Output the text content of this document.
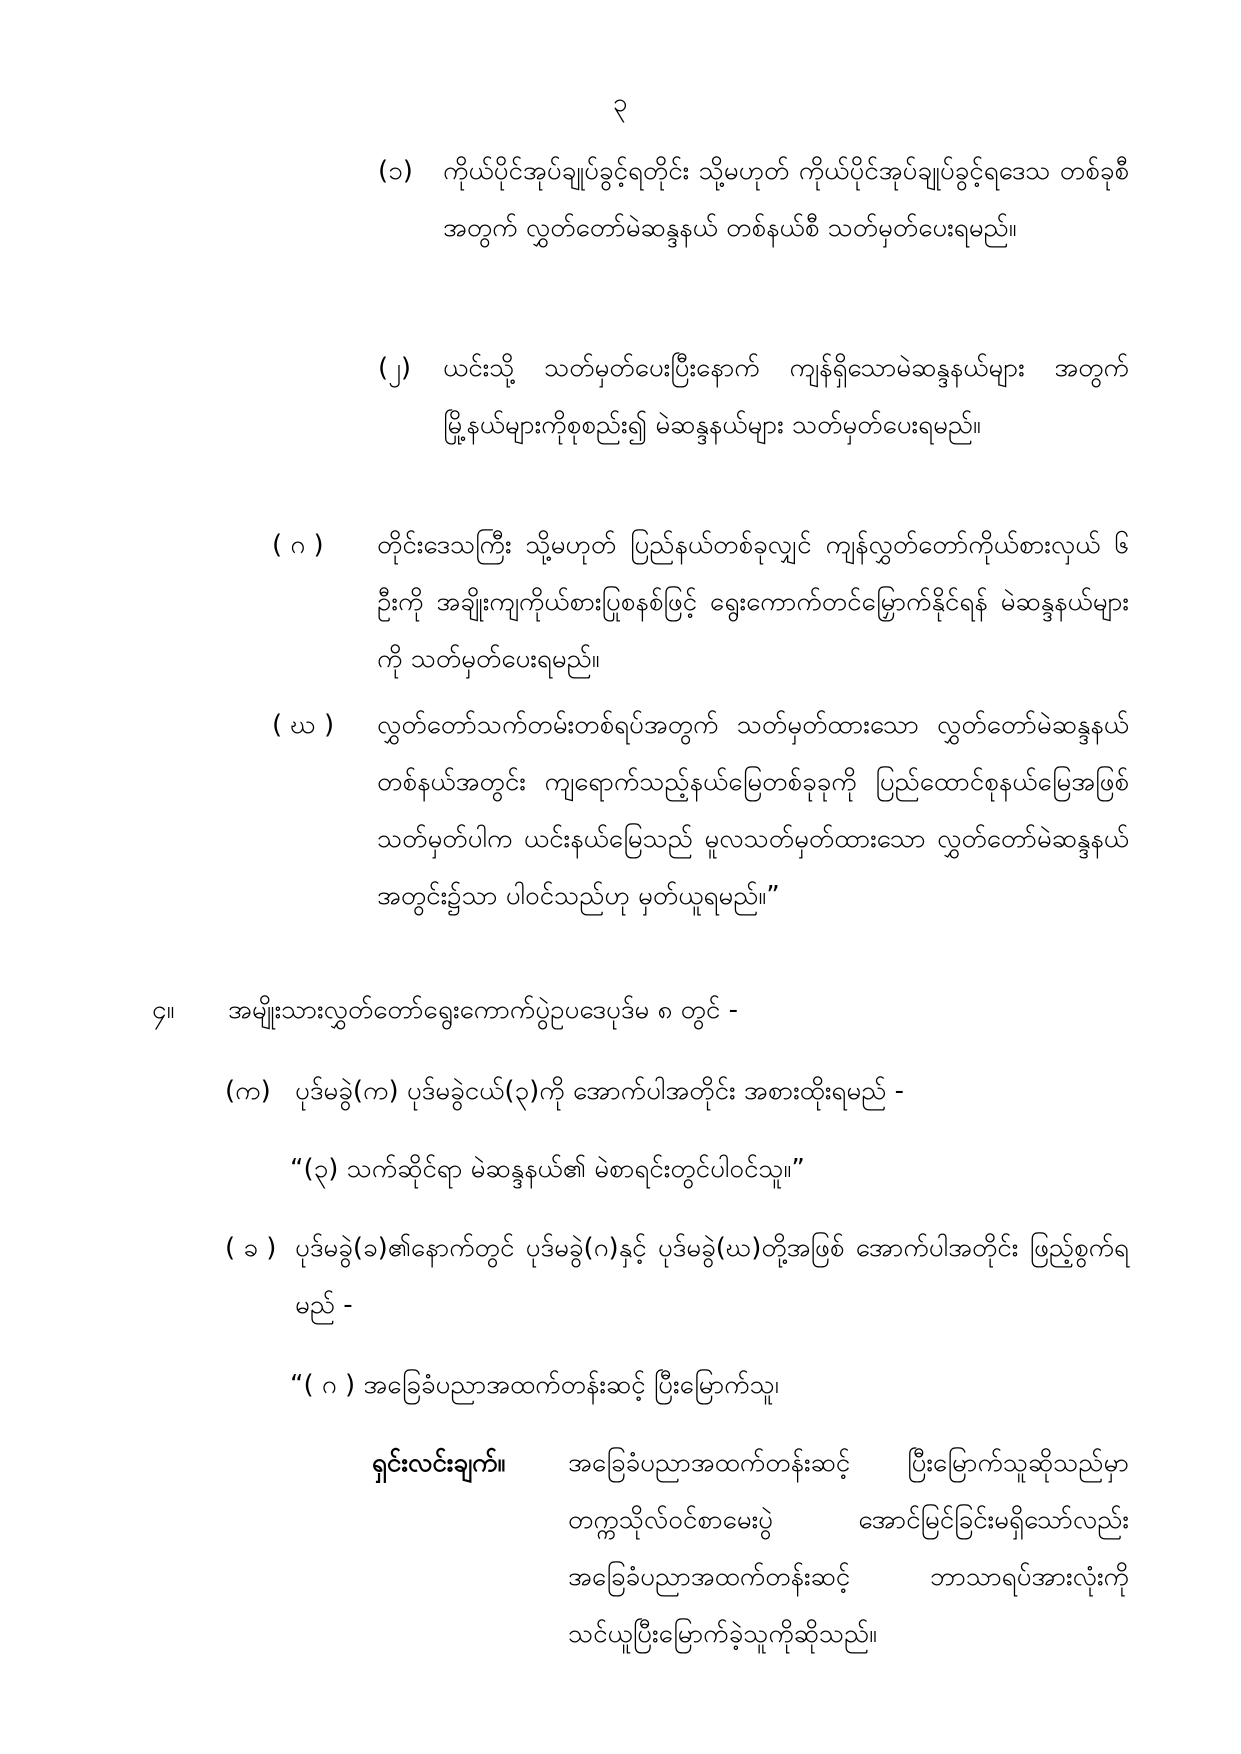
၃
(၁) ကိုယ်ပိုင်အုပ်ချုပ်ခွင့်ရတိုင်း သို့မဟုတ် ကိုယ်ပိုင်အုပ်ချုပ်ခွင့်ရဒေသ တစ်ခုစီအတွက် လွှတ်တော်မဲဆန္ဒနယ် တစ်နယ်စီ သတ်မှတ်ပေးရမည်။
(၂) ယင်းသို့ သတ်မှတ်ပေးပြီးနောက် ကျန်ရှိသောမဲဆန္ဒနယ်များ အတွက် မြို့နယ်များကိုစုစည်း၍ မဲဆန္ဒနယ်များ သတ်မှတ်ပေးရမည်။
( ဂ ) တိုင်းဒေသကြီး သို့မဟုတ် ပြည်နယ်တစ်ခုလျှင် ကျန်လွှတ်တော်ကိုယ်စားလှယ် ၆ ဦးကို အချိုးကျကိုယ်စားပြုစနစ်ဖြင့် ရွေးကောက်တင်မြှောက်နိုင်ရန် မဲဆန္ဒနယ်များကို သတ်မှတ်ပေးရမည်။
( ဃ ) လွှတ်တော်သက်တမ်းတစ်ရပ်အတွက် သတ်မှတ်ထားသော လွှတ်တော်မဲဆန္ဒနယ်တစ်နယ်အတွင်း ကျရောက်သည့်နယ်မြေတစ်ခုခုကို ပြည်ထောင်စုနယ်မြေအဖြစ် သတ်မှတ်ပါက ယင်းနယ်မြေသည် မူလသတ်မှတ်ထားသော လွှတ်တော်မဲဆန္ဒနယ်အတွင်း၌သာ ပါဝင်သည်ဟု မှတ်ယူရမည်။”
၄။ အမျိုးသားလွှတ်တော်ရွေးကောက်ပွဲဥပဒေပုဒ်မ ၈ တွင် -
(က) ပုဒ်မခွဲ(က) ပုဒ်မခွဲငယ်(၃)ကို အောက်ပါအတိုင်း အစားထိုးရမည် -
“(၃) သက်ဆိုင်ရာ မဲဆန္ဒနယ်၏ မဲစာရင်းတွင်ပါဝင်သူ။”
( ခ ) ပုဒ်မခွဲ(ခ)၏နောက်တွင် ပုဒ်မခွဲ(ဂ)နှင့် ပုဒ်မခွဲ(ဃ)တို့အဖြစ် အောက်ပါအတိုင်း ဖြည့်စွက်ရမည် -
“( ဂ ) အခြေခံပညာအထက်တန်းဆင့် ပြီးမြောက်သူ၊
ရှင်းလင်းချက်။ အခြေခံပညာအထက်တန်းဆင့် ပြီးမြောက်သူဆိုသည်မှာ တက္ကသိုလ်ဝင်စာမေးပွဲ အောင်မြင်ခြင်းမရှိသော်လည်း အခြေခံပညာအထက်တန်းဆင့် ဘာသာရပ်အားလုံးကို သင်ယူပြီးမြောက်ခဲ့သူကိုဆိုသည်။
